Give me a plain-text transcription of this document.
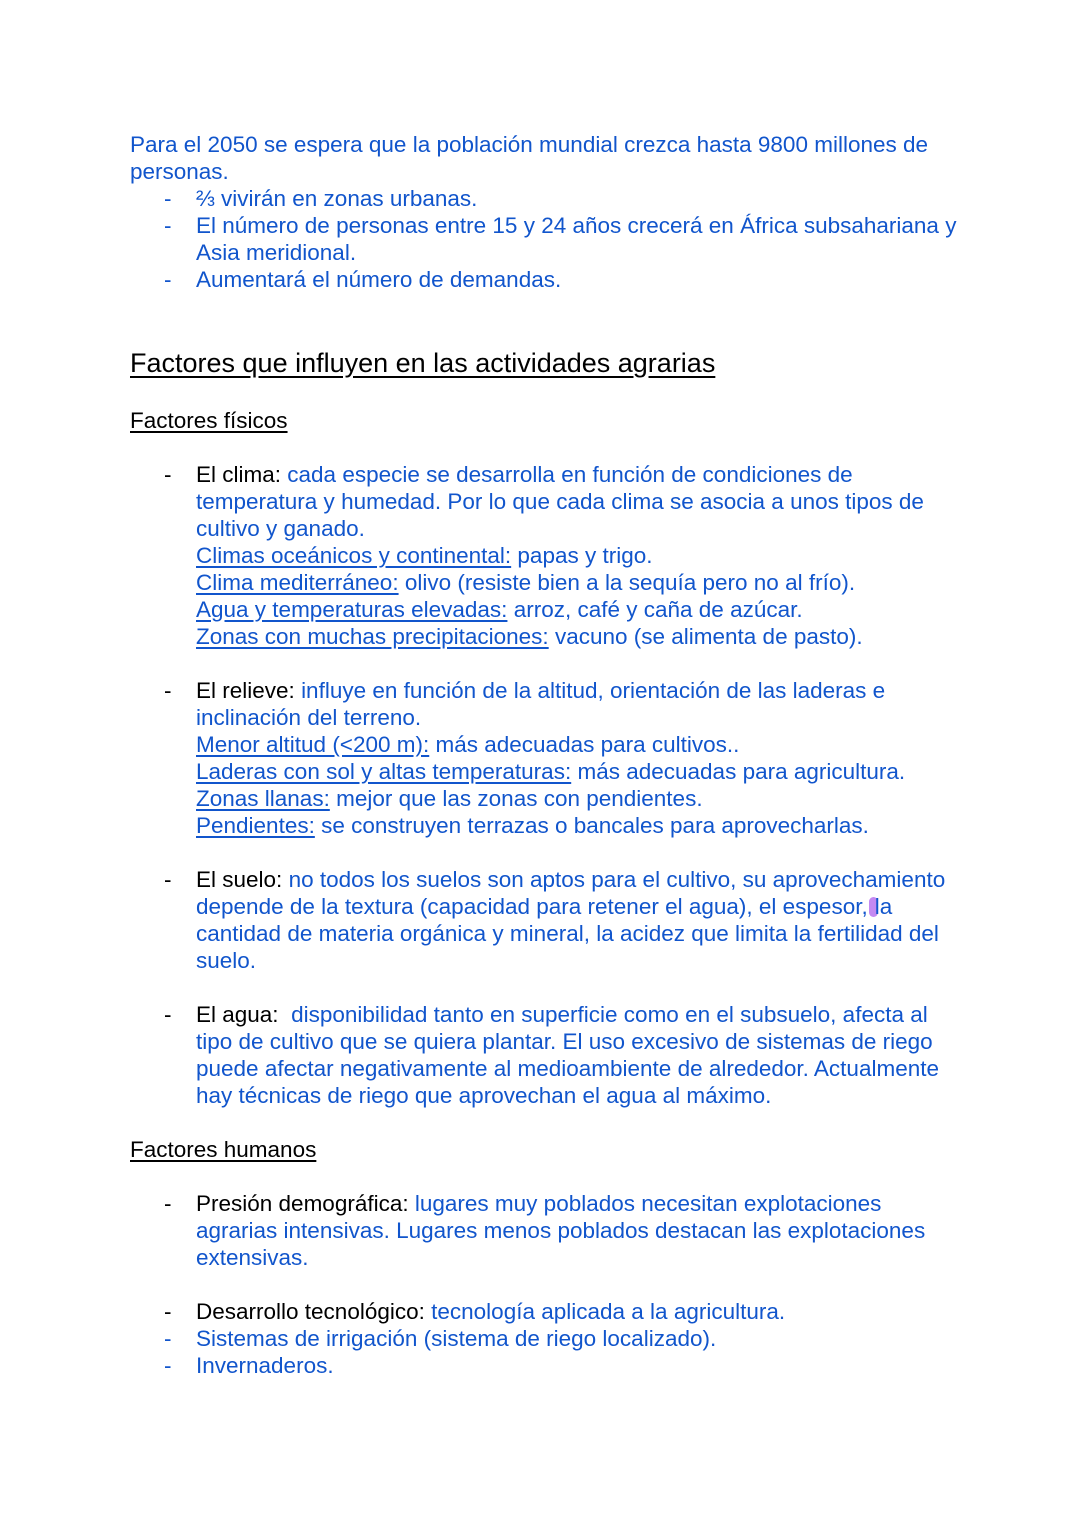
Para el 2050 se espera que la población mundial crezca hasta 9800 millones de personas.

- ⅔ vivirán en zonas urbanas.
- El número de personas entre 15 y 24 años crecerá en África subsahariana y Asia meridional.
- Aumentará el número de demandas.
Factores que influyen en las actividades agrarias
Factores físicos
- El clima: cada especie se desarrolla en función de condiciones de temperatura y humedad. Por lo que cada clima se asocia a unos tipos de cultivo y ganado.
Climas oceánicos y continental: papas y trigo.
Clima mediterráneo: olivo (resiste bien a la sequía pero no al frío).
Agua y temperaturas elevadas: arroz, café y caña de azúcar.
Zonas con muchas precipitaciones: vacuno (se alimenta de pasto).
- El relieve: influye en función de la altitud, orientación de las laderas e inclinación del terreno.
Menor altitud (<200 m): más adecuadas para cultivos..
Laderas con sol y altas temperaturas: más adecuadas para agricultura.
Zonas llanas: mejor que las zonas con pendientes.
Pendientes: se construyen terrazas o bancales para aprovecharlas.
- El suelo: no todos los suelos son aptos para el cultivo, su aprovechamiento depende de la textura (capacidad para retener el agua), el espesor, la cantidad de materia orgánica y mineral, la acidez que limita la fertilidad del suelo.
- El agua: disponibilidad tanto en superficie como en el subsuelo, afecta al tipo de cultivo que se quiera plantar. El uso excesivo de sistemas de riego puede afectar negativamente al medioambiente de alrededor. Actualmente hay técnicas de riego que aprovechan el agua al máximo.
Factores humanos
- Presión demográfica: lugares muy poblados necesitan explotaciones agrarias intensivas. Lugares menos poblados destacan las explotaciones extensivas.
- Desarrollo tecnológico: tecnología aplicada a la agricultura.
- Sistemas de irrigación (sistema de riego localizado).
- Invernaderos.
